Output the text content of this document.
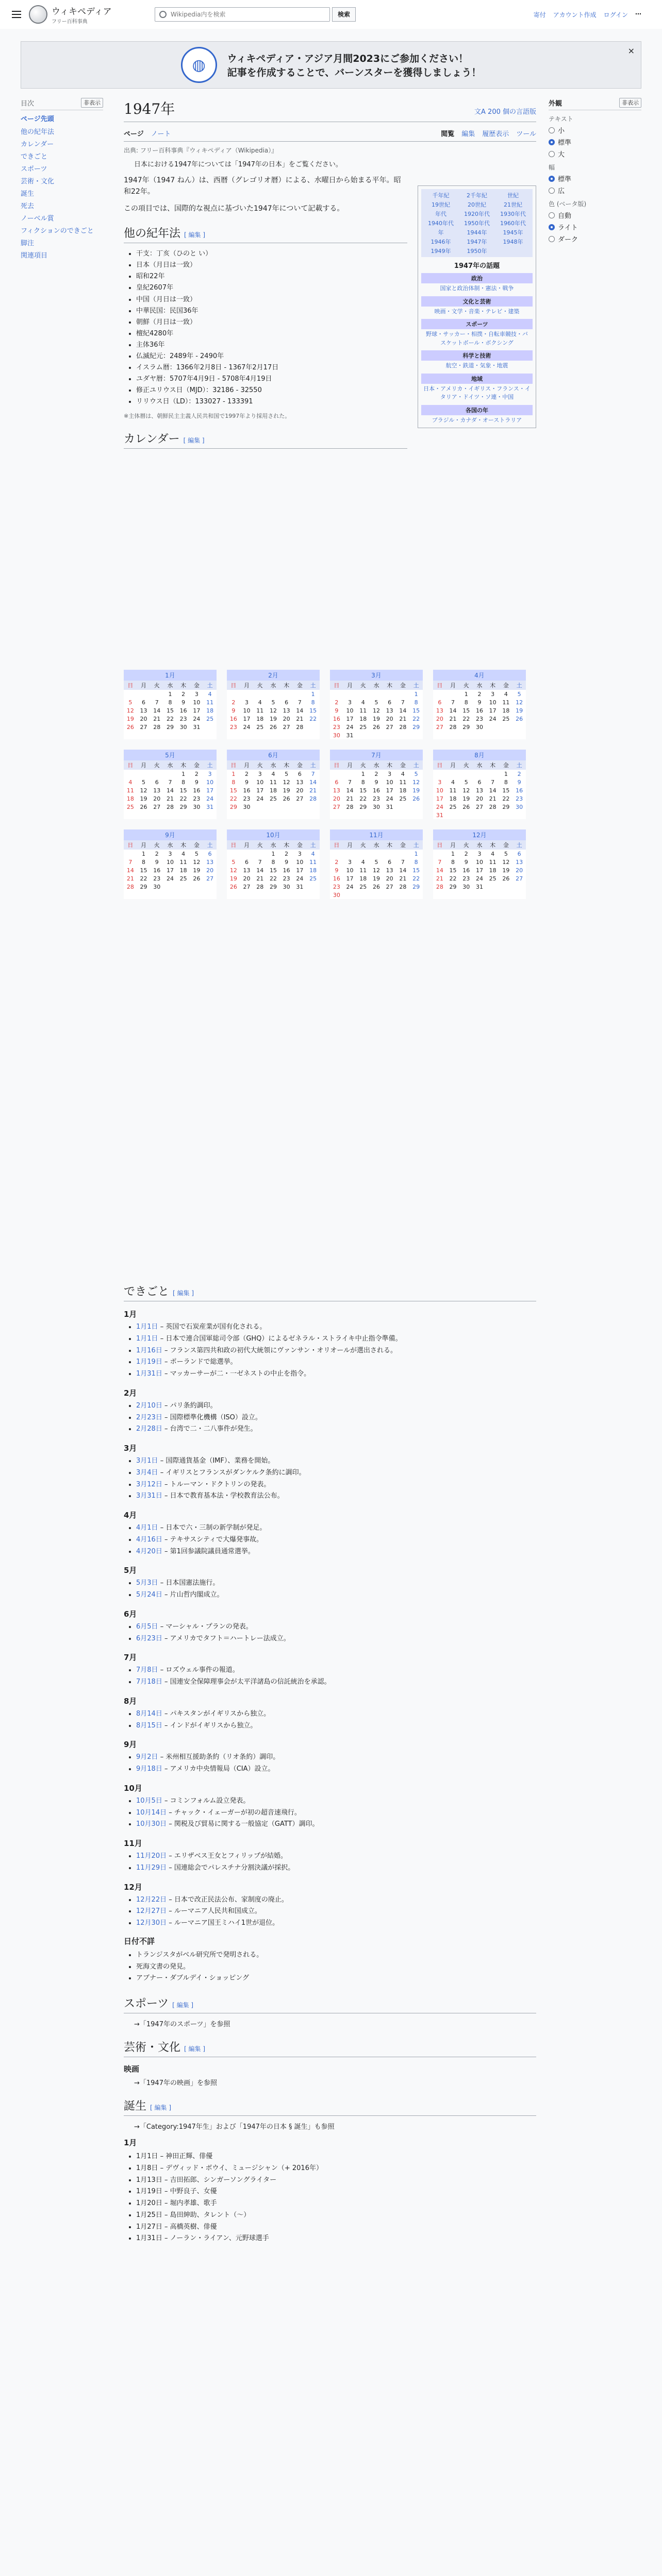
ウィキペディア
フリー百科事典
Wikipedia内を検索
検索	寄付 アカウント作成 ログイン ⋯
◍	ウィキペディア・アジア月間2023にご参加ください！
記事を作成することで、バーンスターを獲得しましょう！
×
目次	非表示
ページ先頭
他の紀年法
カレンダー
できごと
スポーツ
芸術・文化
誕生
死去
ノーベル賞
フィクションのできごと
脚注
関連項目
1947年	文A 200 個の言語版
ページ ノート	閲覧 編集 履歴表示 ツール
出典: フリー百科事典『ウィキペディア（Wikipedia）』
日本における1947年については「1947年の日本」をご覧ください。

1947年（1947 ねん）は、西暦（グレゴリオ暦）による、水曜日から始まる平年。昭和22年。

この項目では、国際的な視点に基づいた1947年について記載する。

他の紀年法 [ 編集 ]
• 干支：丁亥（ひのと い）
• 日本（月日は一致）
• 昭和22年
• 皇紀2607年
• 中国（月日は一致）
• 中華民国：民国36年
• 朝鮮（月日は一致）
• 檀紀4280年
• 主体36年
• 仏滅紀元：2489年 - 2490年
• イスラム暦：1366年2月8日 - 1367年2月17日
• ユダヤ暦：5707年4月9日 - 5708年4月19日
• 修正ユリウス日（MJD）：32186 - 32550
• リリウス日（LD）：133027 - 133391
※主体暦は、朝鮮民主主義人民共和国で1997年より採用された。
カレンダー [ 編集 ]
千年紀	2千年紀	世紀
19世紀	20世紀	21世紀
年代	1920年代	1930年代
1940年代	1950年代	1960年代
年	1944年	1945年
1946年	1947年	1948年
1949年	1950年
1947年の話題
政治
国家と政治体制・憲法・戦争
文化と芸術
映画・文学・音楽・テレビ・建築
スポーツ
野球・サッカー・相撲・自転車競技・バスケットボール・ボクシング
科学と技術
航空・鉄道・気象・地震
地域
日本・アメリカ・イギリス・フランス・イタリア・ドイツ・ソ連・中国
各国の年
ブラジル・カナダ・オーストラリア
1月
日	月	火	水	木	金	土
			1	2	3	4
5	6	7	8	9	10	11
12	13	14	15	16	17	18
19	20	21	22	23	24	25
26	27	28	29	30	31	

2月
日	月	火	水	木	金	土
						1
2	3	4	5	6	7	8
9	10	11	12	13	14	15
16	17	18	19	20	21	22
23	24	25	26	27	28	

3月
日	月	火	水	木	金	土
						1
2	3	4	5	6	7	8
9	10	11	12	13	14	15
16	17	18	19	20	21	22
23	24	25	26	27	28	29
30	31					
4月
日	月	火	水	木	金	土
		1	2	3	4	5
6	7	8	9	10	11	12
13	14	15	16	17	18	19
20	21	22	23	24	25	26
27	28	29	30			

5月
日	月	火	水	木	金	土
				1	2	3
4	5	6	7	8	9	10
11	12	13	14	15	16	17
18	19	20	21	22	23	24
25	26	27	28	29	30	31

6月
日	月	火	水	木	金	土
1	2	3	4	5	6	7
8	9	10	11	12	13	14
15	16	17	18	19	20	21
22	23	24	25	26	27	28
29	30					

7月
日	月	火	水	木	金	土
		1	2	3	4	5
6	7	8	9	10	11	12
13	14	15	16	17	18	19
20	21	22	23	24	25	26
27	28	29	30	31		

8月
日	月	火	水	木	金	土
					1	2
3	4	5	6	7	8	9
10	11	12	13	14	15	16
17	18	19	20	21	22	23
24	25	26	27	28	29	30
31						
9月
日	月	火	水	木	金	土
	1	2	3	4	5	6
7	8	9	10	11	12	13
14	15	16	17	18	19	20
21	22	23	24	25	26	27
28	29	30				

10月
日	月	火	水	木	金	土
			1	2	3	4
5	6	7	8	9	10	11
12	13	14	15	16	17	18
19	20	21	22	23	24	25
26	27	28	29	30	31	

11月
日	月	火	水	木	金	土
						1
2	3	4	5	6	7	8
9	10	11	12	13	14	15
16	17	18	19	20	21	22
23	24	25	26	27	28	29
30						
12月
日	月	火	水	木	金	土
	1	2	3	4	5	6
7	8	9	10	11	12	13
14	15	16	17	18	19	20
21	22	23	24	25	26	27
28	29	30	31			

外観	非表示
テキスト
小
標準
大
幅
標準
広
色 (ベータ版)
自動
ライト
ダーク
できごと [ 編集 ]
1月
• 1月1日 – 英国で石炭産業が国有化される。
• 1月1日 – 日本で連合国軍総司令部（GHQ）によるゼネラル・ストライキ中止指令準備。
• 1月16日 – フランス第四共和政の初代大統領にヴァンサン・オリオールが選出される。
• 1月19日 – ポーランドで総選挙。
• 1月31日 – マッカーサーが二・一ゼネストの中止を指令。
2月
• 2月10日 – パリ条約調印。
• 2月23日 – 国際標準化機構（ISO）設立。
• 2月28日 – 台湾で二・二八事件が発生。
3月
• 3月1日 – 国際通貨基金（IMF）、業務を開始。
• 3月4日 – イギリスとフランスがダンケルク条約に調印。
• 3月12日 – トルーマン・ドクトリンの発表。
• 3月31日 – 日本で教育基本法・学校教育法公布。
4月
• 4月1日 – 日本で六・三制の新学制が発足。
• 4月16日 – テキサスシティで大爆発事故。
• 4月20日 – 第1回参議院議員通常選挙。
5月
• 5月3日 – 日本国憲法施行。
• 5月24日 – 片山哲内閣成立。
6月
• 6月5日 – マーシャル・プランの発表。
• 6月23日 – アメリカでタフト＝ハートレー法成立。
7月
• 7月8日 – ロズウェル事件の報道。
• 7月18日 – 国連安全保障理事会が太平洋諸島の信託統治を承認。
8月
• 8月14日 – パキスタンがイギリスから独立。
• 8月15日 – インドがイギリスから独立。
9月
• 9月2日 – 米州相互援助条約（リオ条約）調印。
• 9月18日 – アメリカ中央情報局（CIA）設立。
10月
• 10月5日 – コミンフォルム設立発表。
• 10月14日 – チャック・イェーガーが初の超音速飛行。
• 10月30日 – 関税及び貿易に関する一般協定（GATT）調印。
11月
• 11月20日 – エリザベス王女とフィリップが結婚。
• 11月29日 – 国連総会でパレスチナ分割決議が採択。
12月
• 12月22日 – 日本で改正民法公布、家制度の廃止。
• 12月27日 – ルーマニア人民共和国成立。
• 12月30日 – ルーマニア国王ミハイ1世が退位。
日付不詳
• トランジスタがベル研究所で発明される。
• 死海文書の発見。
• アブナー・ダブルデイ・ショッピング
スポーツ [ 編集 ]
→「1947年のスポーツ」を参照
芸術・文化 [ 編集 ]
映画
→「1947年の映画」を参照
誕生 [ 編集 ]
→「Category:1947年生」および「1947年の日本 § 誕生」も参照
1月
• 1月1日 – 神田正輝、俳優
• 1月8日 – デヴィッド・ボウイ、ミュージシャン（+ 2016年）
• 1月13日 – 吉田拓郎、シンガーソングライター
• 1月19日 – 中野良子、女優
• 1月20日 – 堀内孝雄、歌手
• 1月25日 – 島田紳助、タレント（～）
• 1月27日 – 高橋英樹、俳優
• 1月31日 – ノーラン・ライアン、元野球選手
